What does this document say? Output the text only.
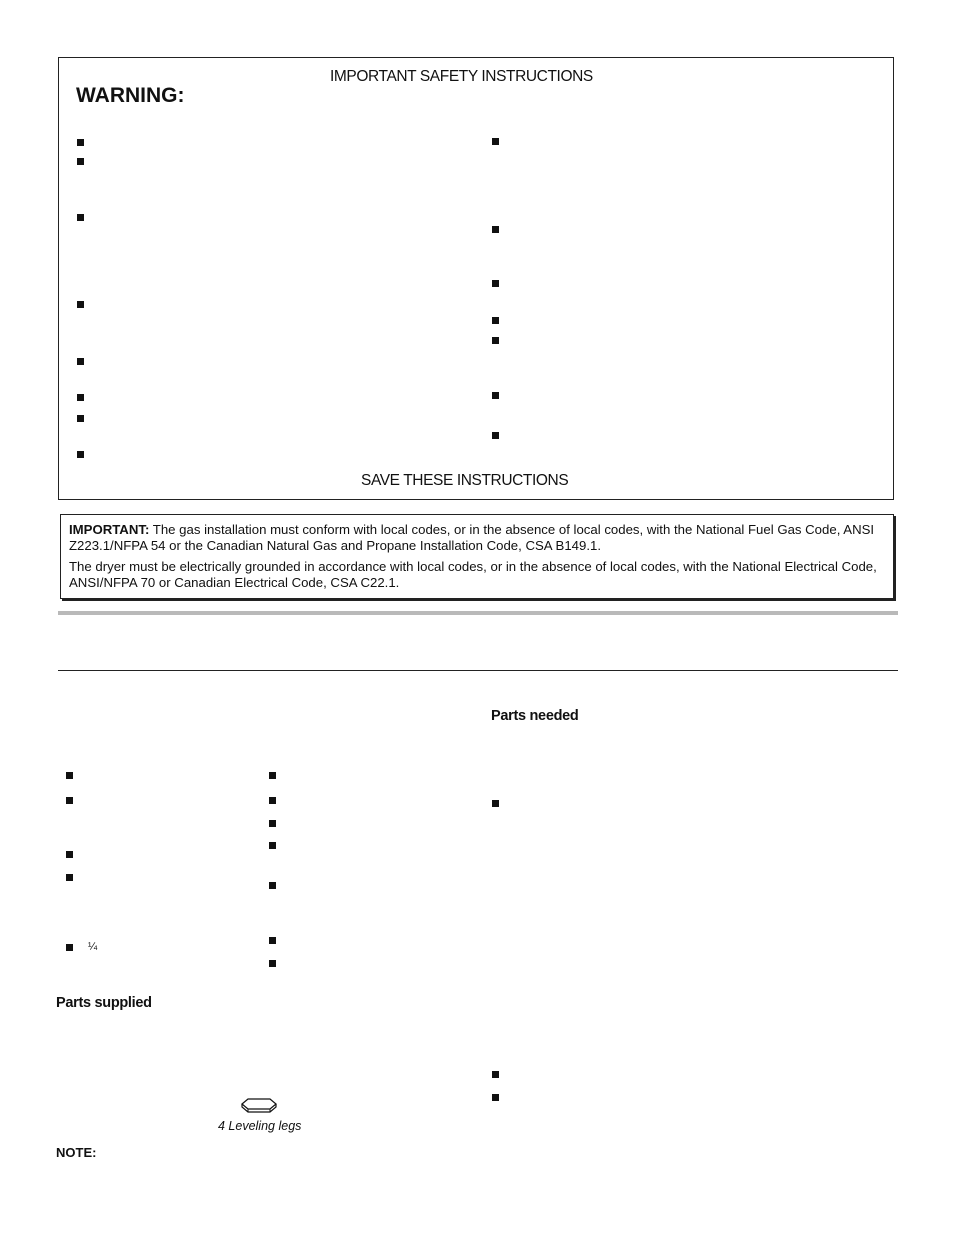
IMPORTANT SAFETY INSTRUCTIONS
WARNING:
SAVE THESE INSTRUCTIONS

IMPORTANT: The gas installation must conform with local codes, or in the absence of local codes, with the National Fuel Gas Code, ANSI Z223.1/NFPA 54 or the Canadian Natural Gas and Propane Installation Code, CSA B149.1.

The dryer must be electrically grounded in accordance with local codes, or in the absence of local codes, with the National Electrical Code, ANSI/NFPA 70 or Canadian Electrical Code, CSA C22.1.

Parts needed
¼
Parts supplied
4 Leveling legs
NOTE:
